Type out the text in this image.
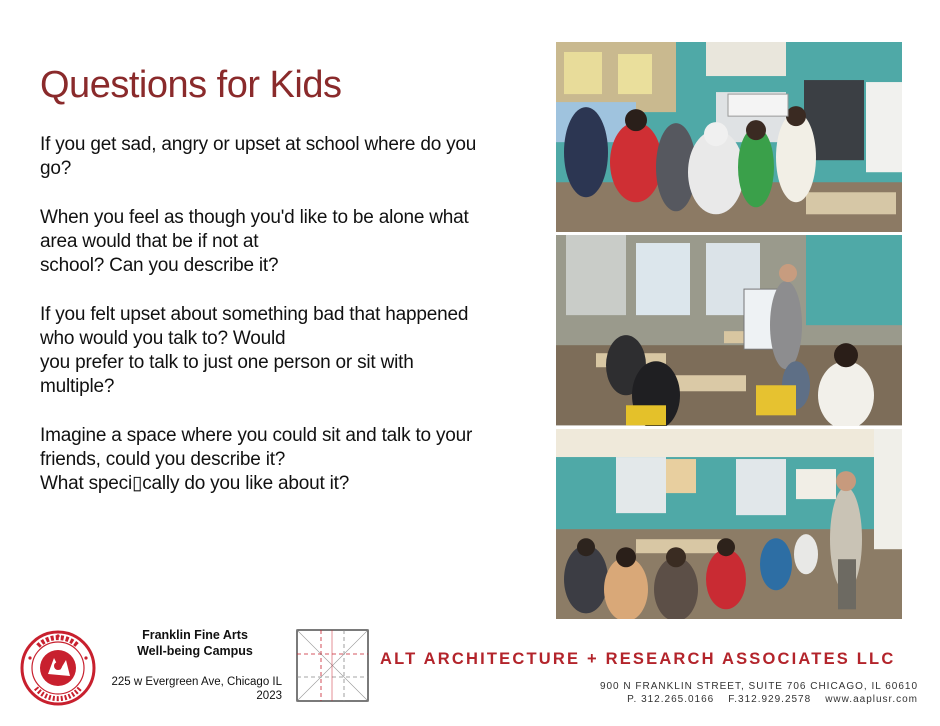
Questions for Kids

If you get sad, angry or upset at school where do you
go?

When you feel as though you'd like to be alone what
area would that be if not at
school? Can you describe it?

If you felt upset about something bad that happened
who would you talk to? Would
you prefer to talk to just one person or sit with
multiple?

Imagine a space where you could sit and talk to your
friends, could you describe it?
What speci▯cally do you like about it?

Franklin Fine Arts
Well-being Campus
225 w Evergreen Ave, Chicago IL
2023
ALT ARCHITECTURE + RESEARCH ASSOCIATES LLC
900 N FRANKLIN STREET, SUITE 706 CHICAGO, IL 60610
P. 312.265.0166 F.312.929.2578 www.aaplusr.com
